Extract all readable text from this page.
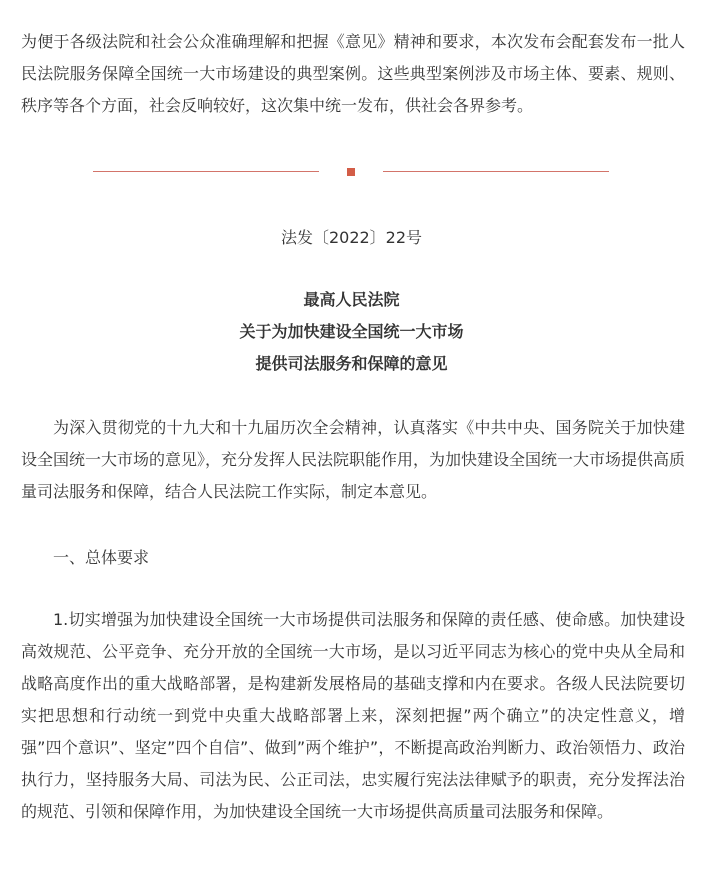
为便于各级法院和社会公众准确理解和把握《意见》精神和要求，本次发布会配套发布一批人民法院服务保障全国统一大市场建设的典型案例。这些典型案例涉及市场主体、要素、规则、秩序等各个方面，社会反响较好，这次集中统一发布，供社会各界参考。

法发〔2022〕22号

最高人民法院

关于为加快建设全国统一大市场

提供司法服务和保障的意见

为深入贯彻党的十九大和十九届历次全会精神，认真落实《中共中央、国务院关于加快建设全国统一大市场的意见》，充分发挥人民法院职能作用，为加快建设全国统一大市场提供高质量司法服务和保障，结合人民法院工作实际，制定本意见。

一、总体要求

1.切实增强为加快建设全国统一大市场提供司法服务和保障的责任感、使命感。加快建设高效规范、公平竞争、充分开放的全国统一大市场，是以习近平同志为核心的党中央从全局和战略高度作出的重大战略部署，是构建新发展格局的基础支撑和内在要求。各级人民法院要切实把思想和行动统一到党中央重大战略部署上来，深刻把握”两个确立”的决定性意义，增强”四个意识”、坚定”四个自信”、做到”两个维护”，不断提高政治判断力、政治领悟力、政治执行力，坚持服务大局、司法为民、公正司法，忠实履行宪法法律赋予的职责，充分发挥法治的规范、引领和保障作用，为加快建设全国统一大市场提供高质量司法服务和保障。
